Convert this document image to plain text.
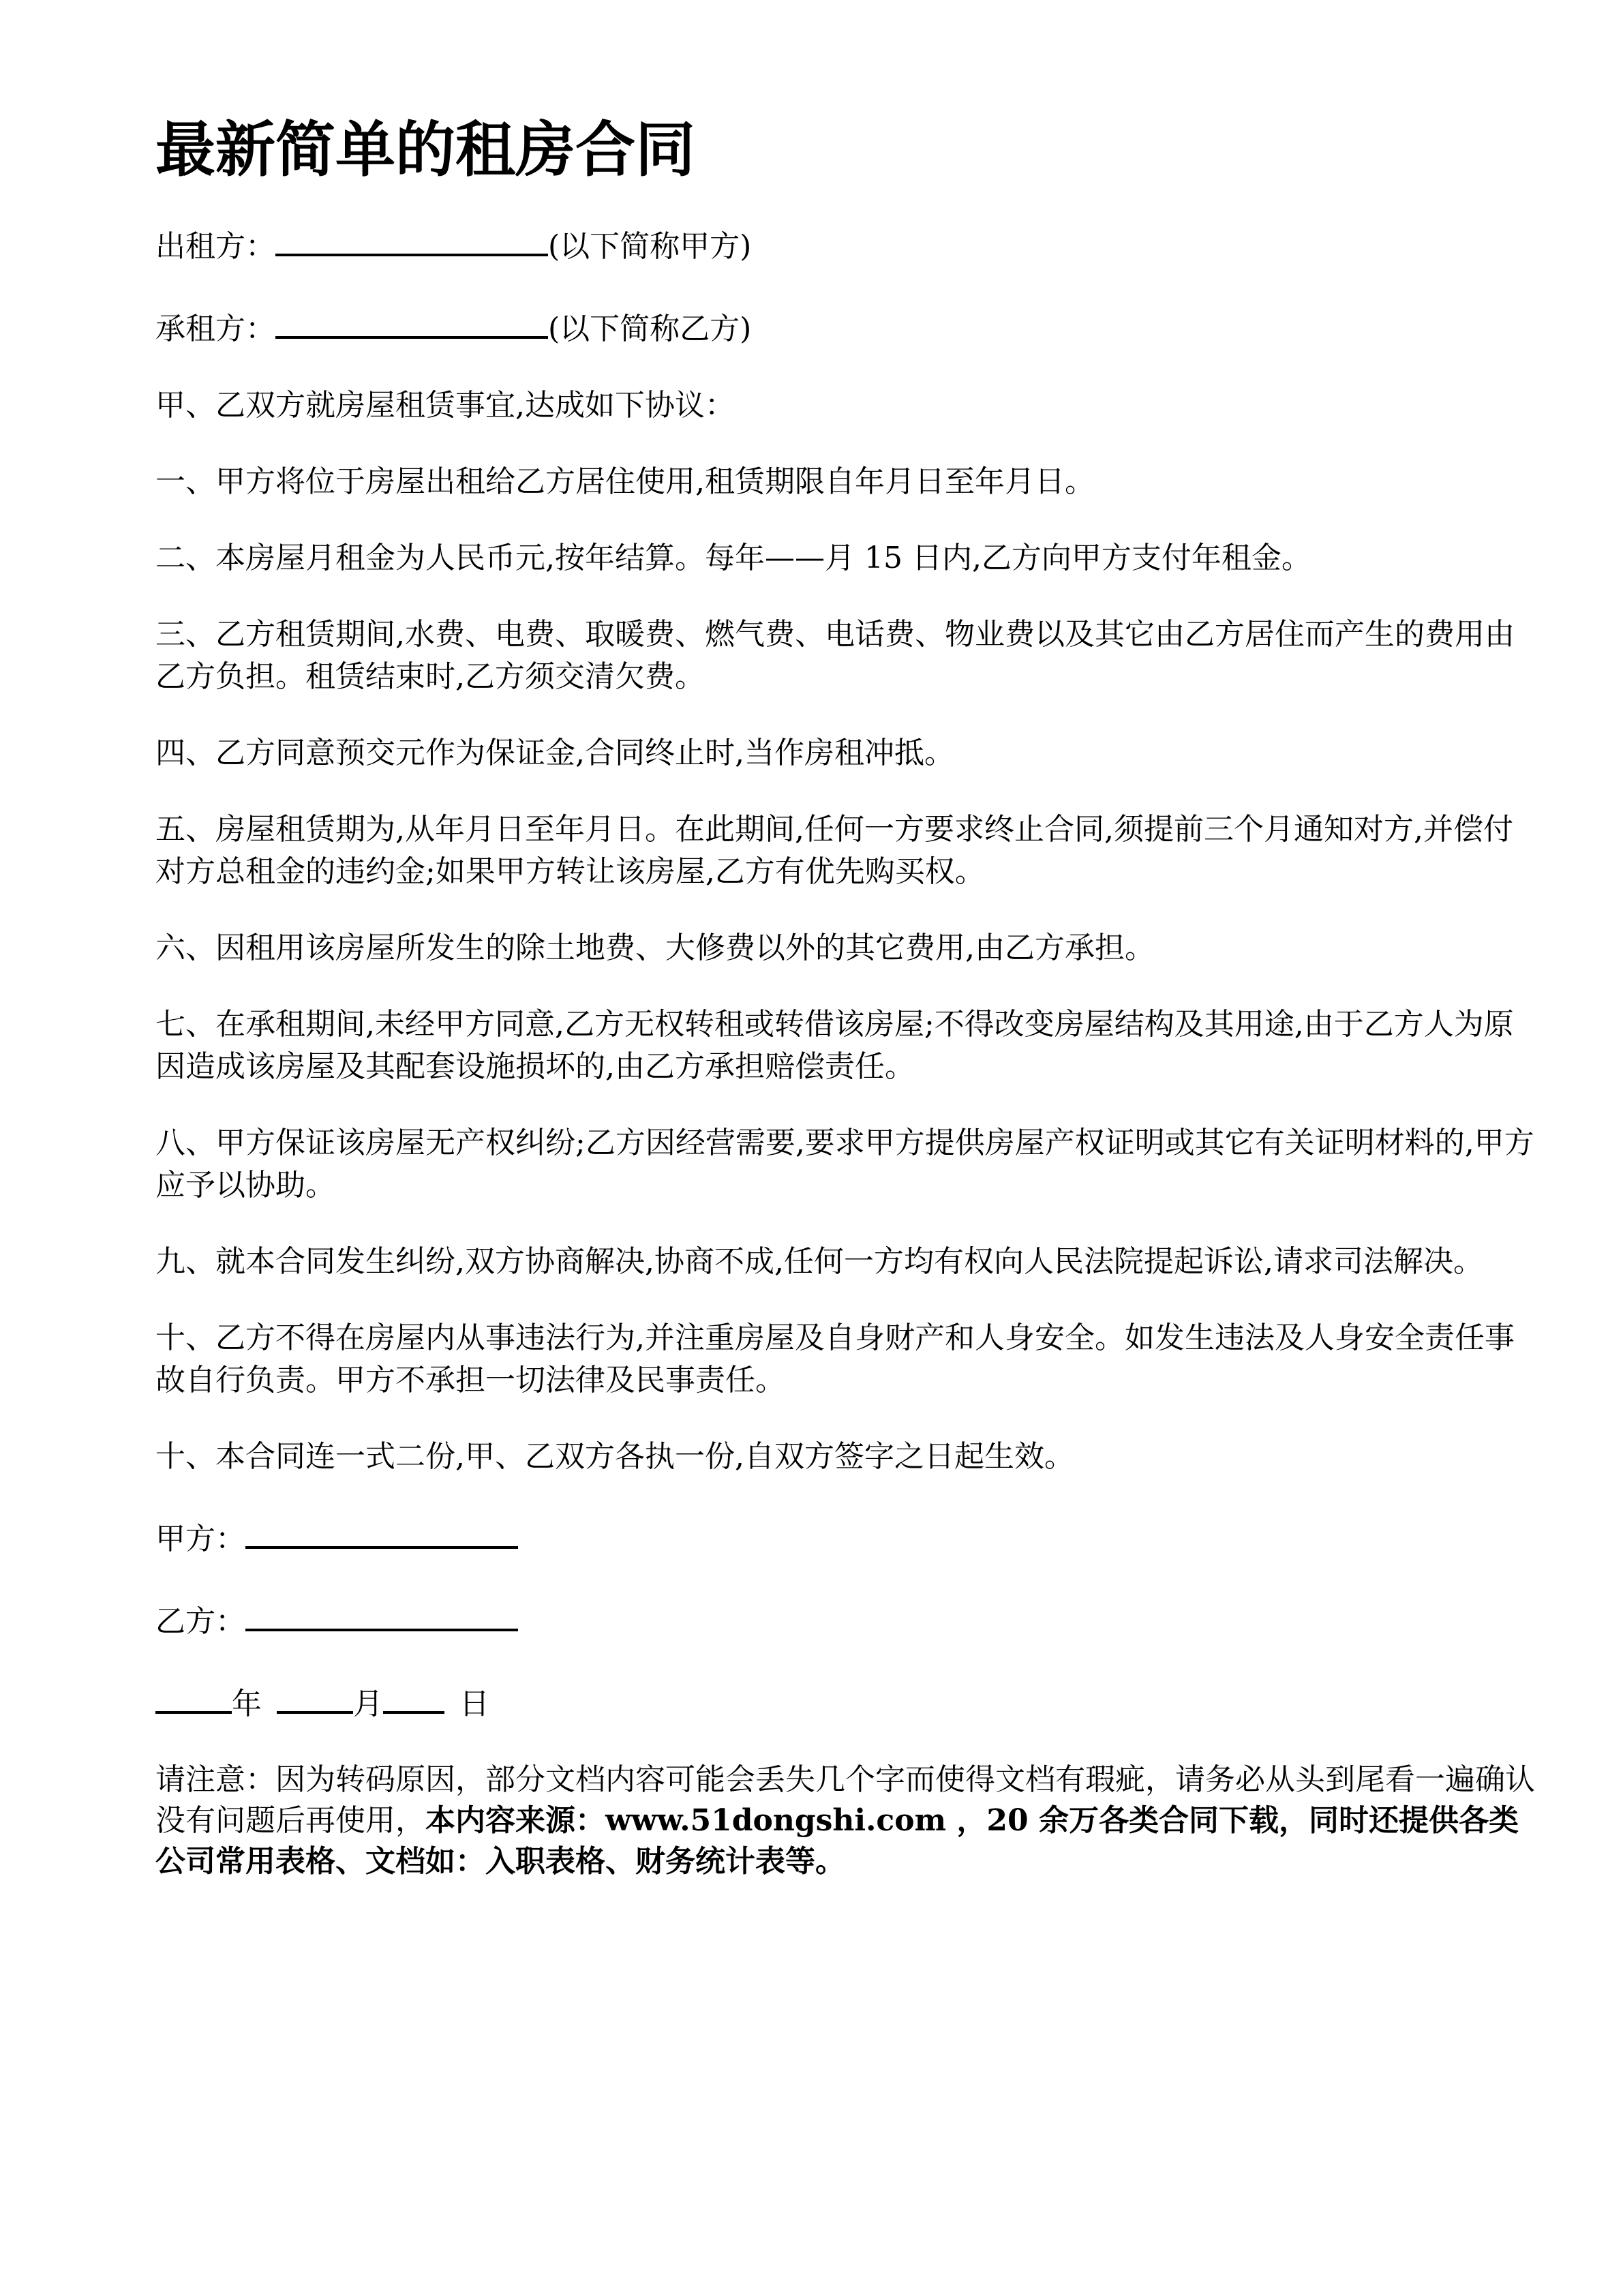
最新简单的租房合同
出租方：	(以下简称甲方)
承租方：	(以下简称乙方)
甲、乙双方就房屋租赁事宜,达成如下协议：
一、甲方将位于房屋出租给乙方居住使用,租赁期限自年月日至年月日。
二、本房屋月租金为人民币元,按年结算。每年——月 15 日内,乙方向甲方支付年租金。
三、乙方租赁期间,水费、电费、取暖费、燃气费、电话费、物业费以及其它由乙方居住而产生的费用由乙方负担。租赁结束时,乙方须交清欠费。
四、乙方同意预交元作为保证金,合同终止时,当作房租冲抵。
五、房屋租赁期为,从年月日至年月日。在此期间,任何一方要求终止合同,须提前三个月通知对方,并偿付对方总租金的违约金;如果甲方转让该房屋,乙方有优先购买权。
六、因租用该房屋所发生的除土地费、大修费以外的其它费用,由乙方承担。
七、在承租期间,未经甲方同意,乙方无权转租或转借该房屋;不得改变房屋结构及其用途,由于乙方人为原因造成该房屋及其配套设施损坏的,由乙方承担赔偿责任。
八、甲方保证该房屋无产权纠纷;乙方因经营需要,要求甲方提供房屋产权证明或其它有关证明材料的,甲方应予以协助。
九、就本合同发生纠纷,双方协商解决,协商不成,任何一方均有权向人民法院提起诉讼,请求司法解决。
十、乙方不得在房屋内从事违法行为,并注重房屋及自身财产和人身安全。如发生违法及人身安全责任事故自行负责。甲方不承担一切法律及民事责任。
十、本合同连一式二份,甲、乙双方各执一份,自双方签字之日起生效。
甲方：
乙方：
年	月	日
请注意：因为转码原因，部分文档内容可能会丢失几个字而使得文档有瑕疵，请务必从头到尾看一遍确认没有问题后再使用，本内容来源：www.51dongshi.com ，20 余万各类合同下载，同时还提供各类公司常用表格、文档如：入职表格、财务统计表等。
